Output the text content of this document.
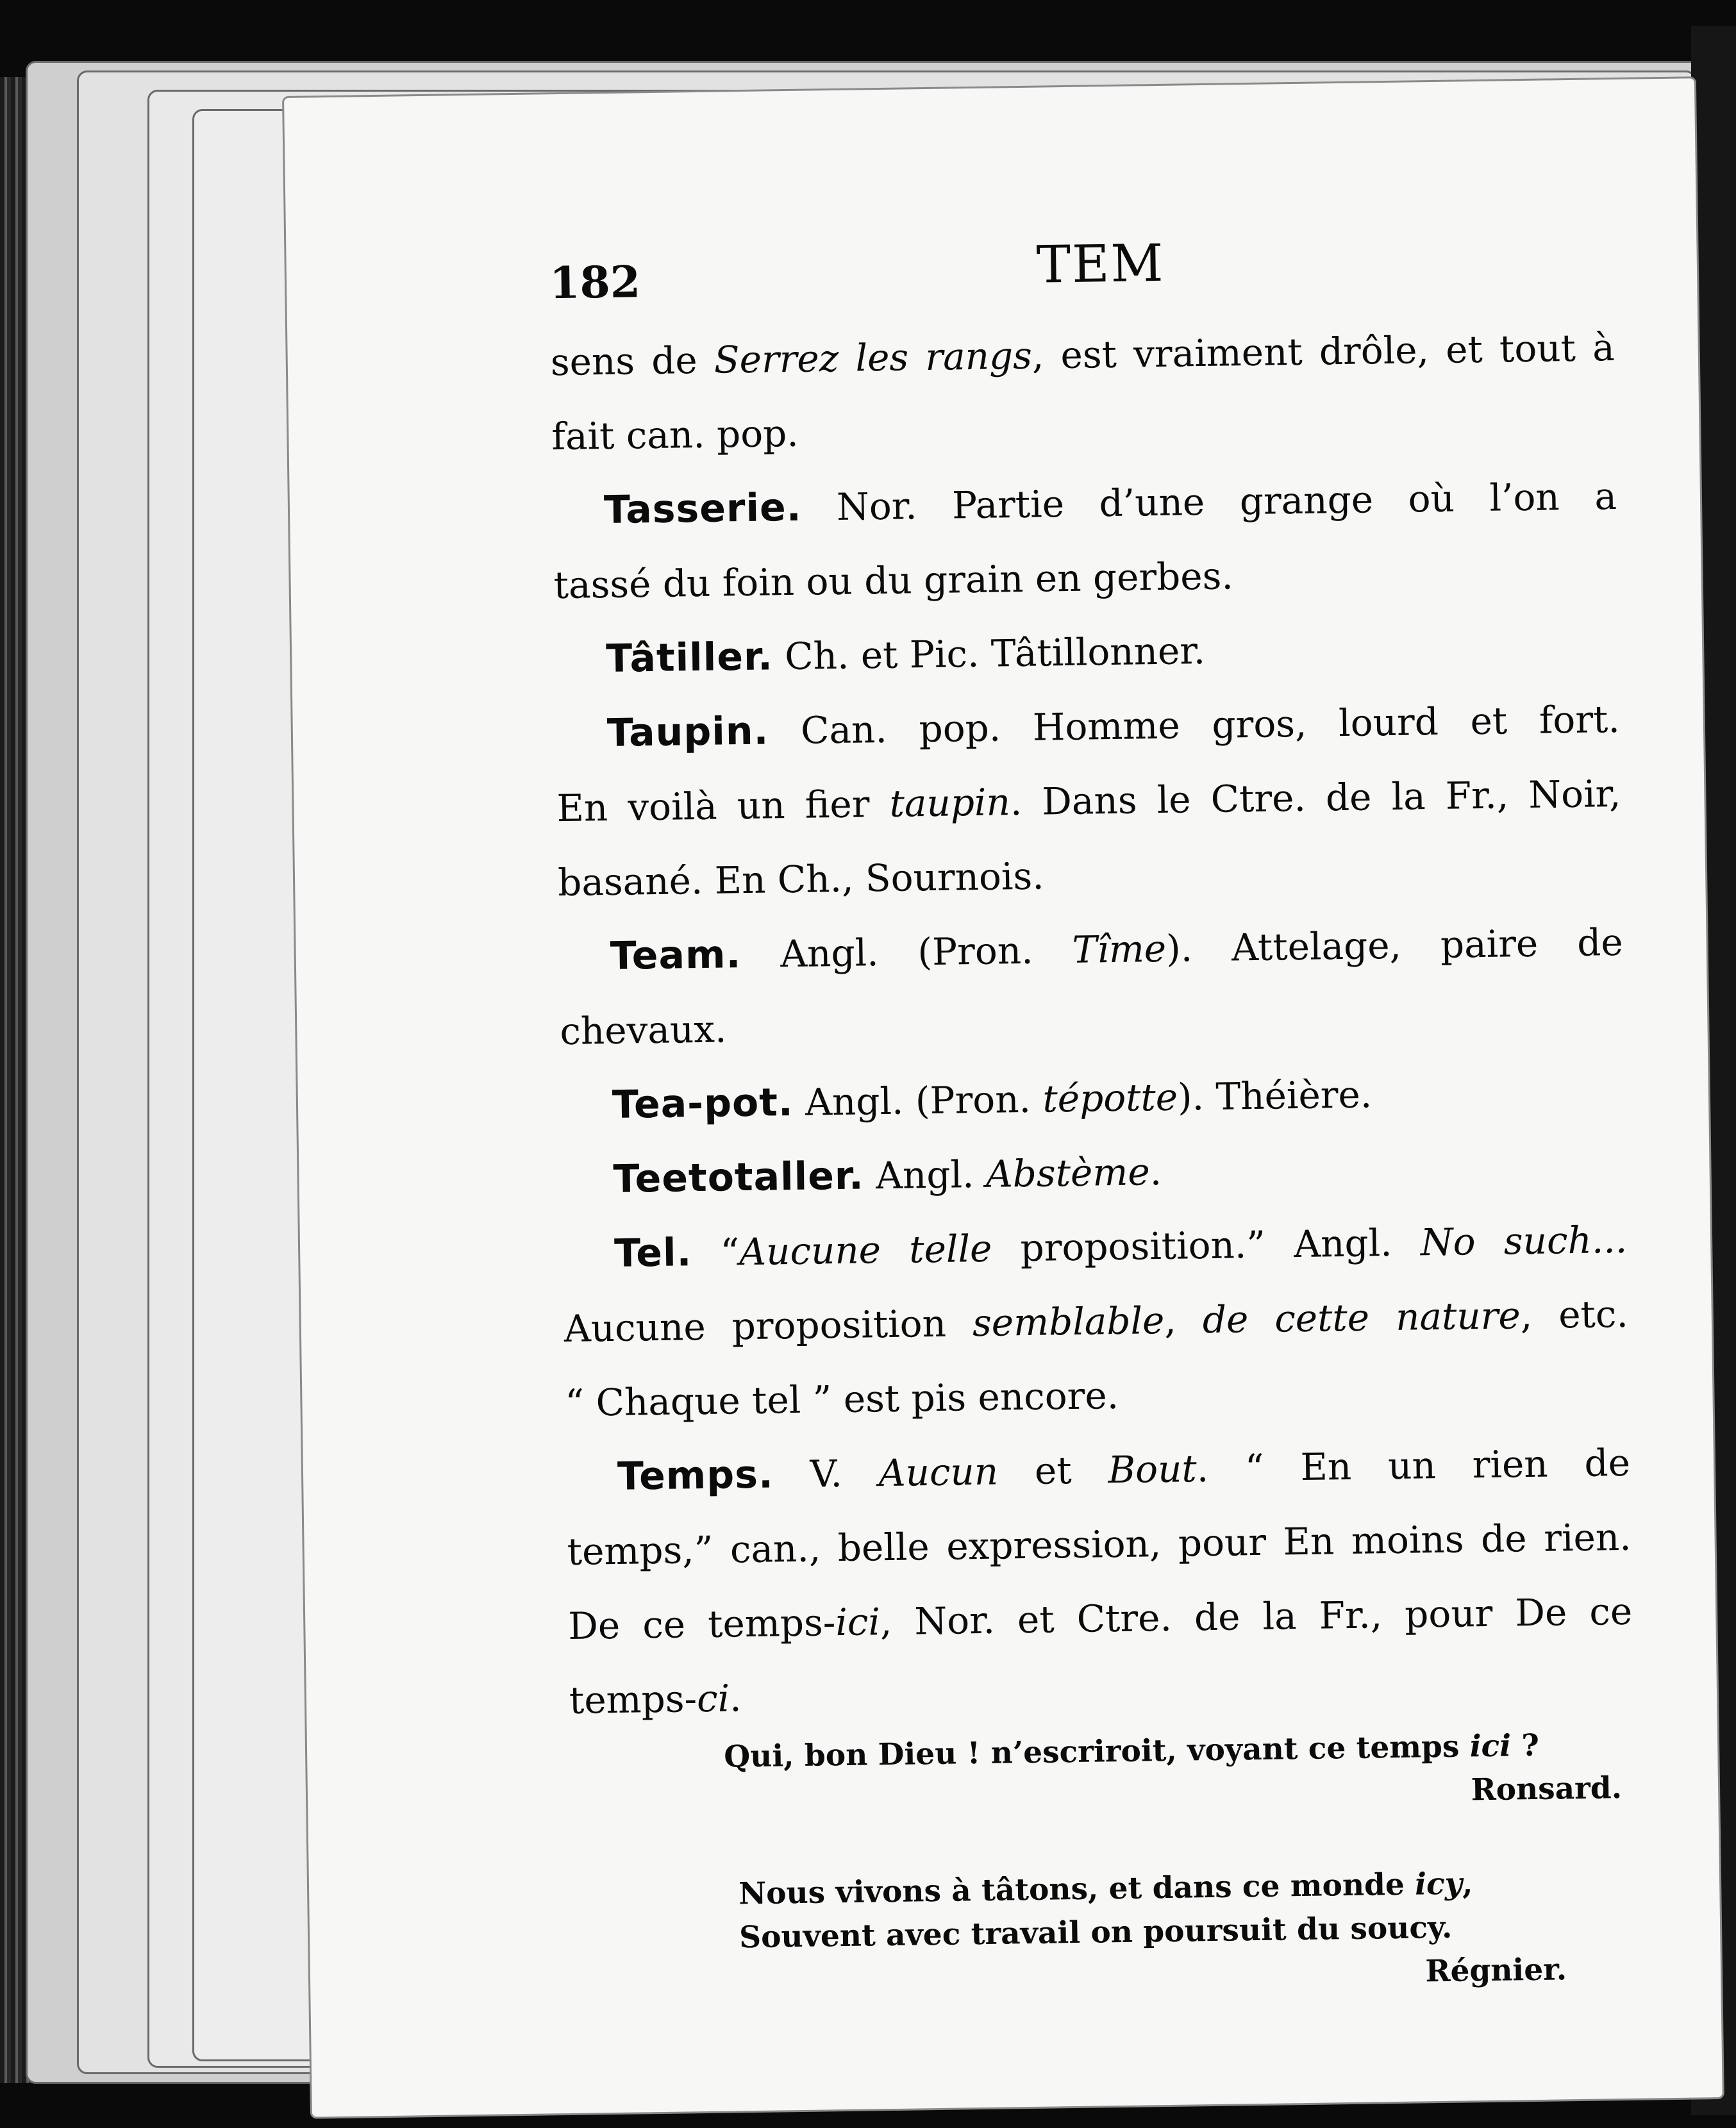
182	TEM
sens de Serrez les rangs, est vraiment drôle, et tout à
fait can. pop.
Tasserie. Nor. Partie d’une grange où l’on a
tassé du foin ou du grain en gerbes.
Tâtiller. Ch. et Pic. Tâtillonner.
Taupin. Can. pop. Homme gros, lourd et fort.
En voilà un fier taupin. Dans le Ctre. de la Fr., Noir,
basané. En Ch., Sournois.
Team. Angl. (Pron. Tîme). Attelage, paire de
chevaux.
Tea-pot. Angl. (Pron. tépotte). Théière.
Teetotaller. Angl. Abstème.
Tel. “Aucune telle proposition.” Angl. No such...
Aucune proposition semblable, de cette nature, etc.
“ Chaque tel ” est pis encore.
Temps. V. Aucun et Bout. “ En un rien de
temps,” can., belle expression, pour En moins de rien.
De ce temps-ici, Nor. et Ctre. de la Fr., pour De ce
temps-ci.
Qui, bon Dieu ! n’escriroit, voyant ce temps ici ?
Ronsard.
Nous vivons à tâtons, et dans ce monde icy,
Souvent avec travail on poursuit du soucy.
Régnier.
